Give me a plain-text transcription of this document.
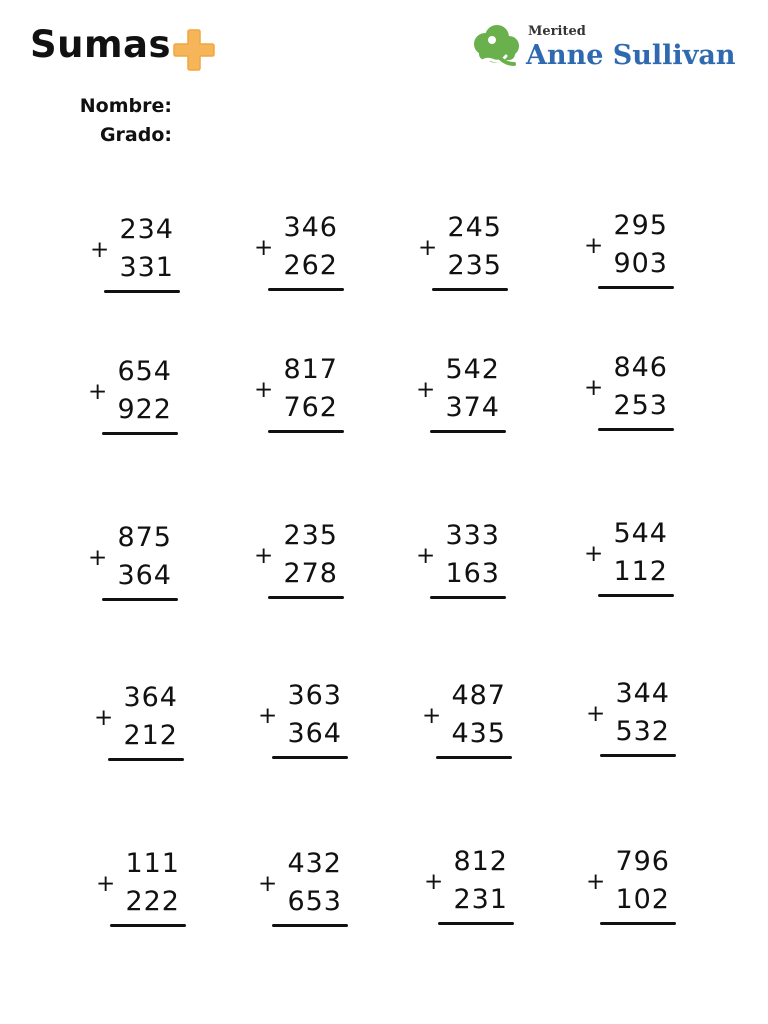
Sumas	Merited
Anne Sullivan
Nombre:
Grado:
+
234
331
+
346
262
+
245
235
+
295
903
+
654
922
+
817
762
+
542
374
+
846
253
+
875
364
+
235
278
+
333
163
+
544
112
+
364
212
+
363
364
+
487
435
+
344
532
+
111
222
+
432
653
+
812
231
+
796
102
